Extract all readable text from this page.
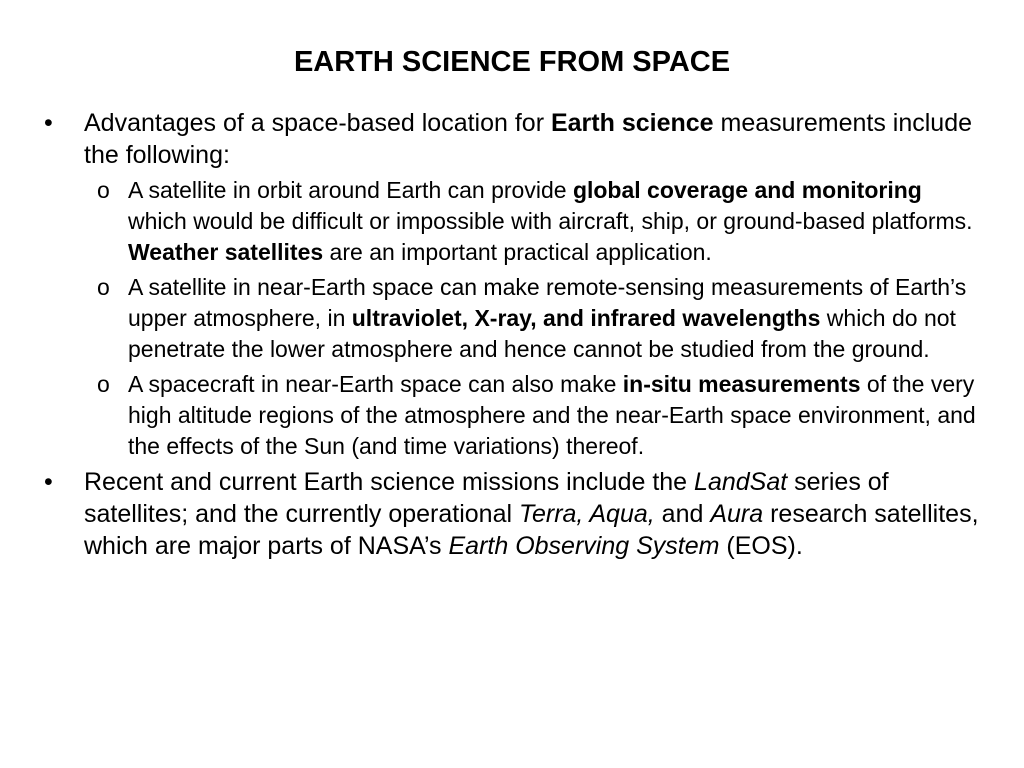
EARTH SCIENCE FROM SPACE
•	Advantages of a space-based location for Earth science measurements include the following:
o A satellite in orbit around Earth can provide global coverage and monitoring which would be difficult or impossible with aircraft, ship, or ground-based platforms. Weather satellites are an important practical application.
o A satellite in near-Earth space can make remote-sensing measurements of Earth’s upper atmosphere, in ultraviolet, X-ray, and infrared wavelengths which do not penetrate the lower atmosphere and hence cannot be studied from the ground.
o A spacecraft in near-Earth space can also make in-situ measurements of the very high altitude regions of the atmosphere and the near-Earth space environment, and the effects of the Sun (and time variations) thereof.
•	Recent and current Earth science missions include the LandSat series of satellites; and the currently operational Terra, Aqua, and Aura research satellites, which are major parts of NASA’s Earth Observing System (EOS).
